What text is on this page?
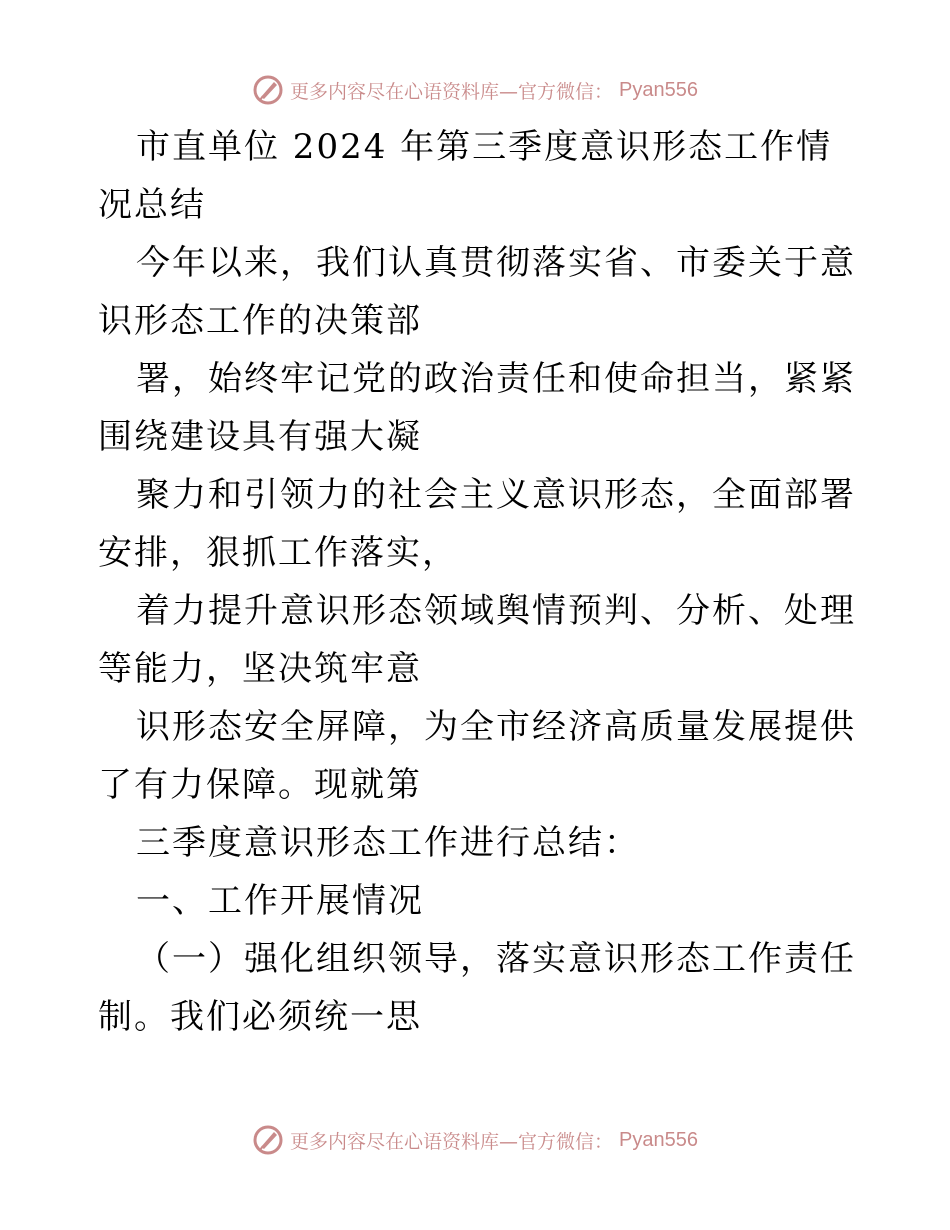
更多内容尽在心语资料库—官方微信： Pyan556

市直单位 2024 年第三季度意识形态工作情况总结

今年以来，我们认真贯彻落实省、市委关于意识形态工作的决策部

署，始终牢记党的政治责任和使命担当，紧紧围绕建设具有强大凝

聚力和引领力的社会主义意识形态，全面部署安排，狠抓工作落实，

着力提升意识形态领域舆情预判、分析、处理等能力，坚决筑牢意

识形态安全屏障，为全市经济高质量发展提供了有力保障。现就第

三季度意识形态工作进行总结：

一、工作开展情况

（一）强化组织领导，落实意识形态工作责任制。我们必须统一思

更多内容尽在心语资料库—官方微信： Pyan556
